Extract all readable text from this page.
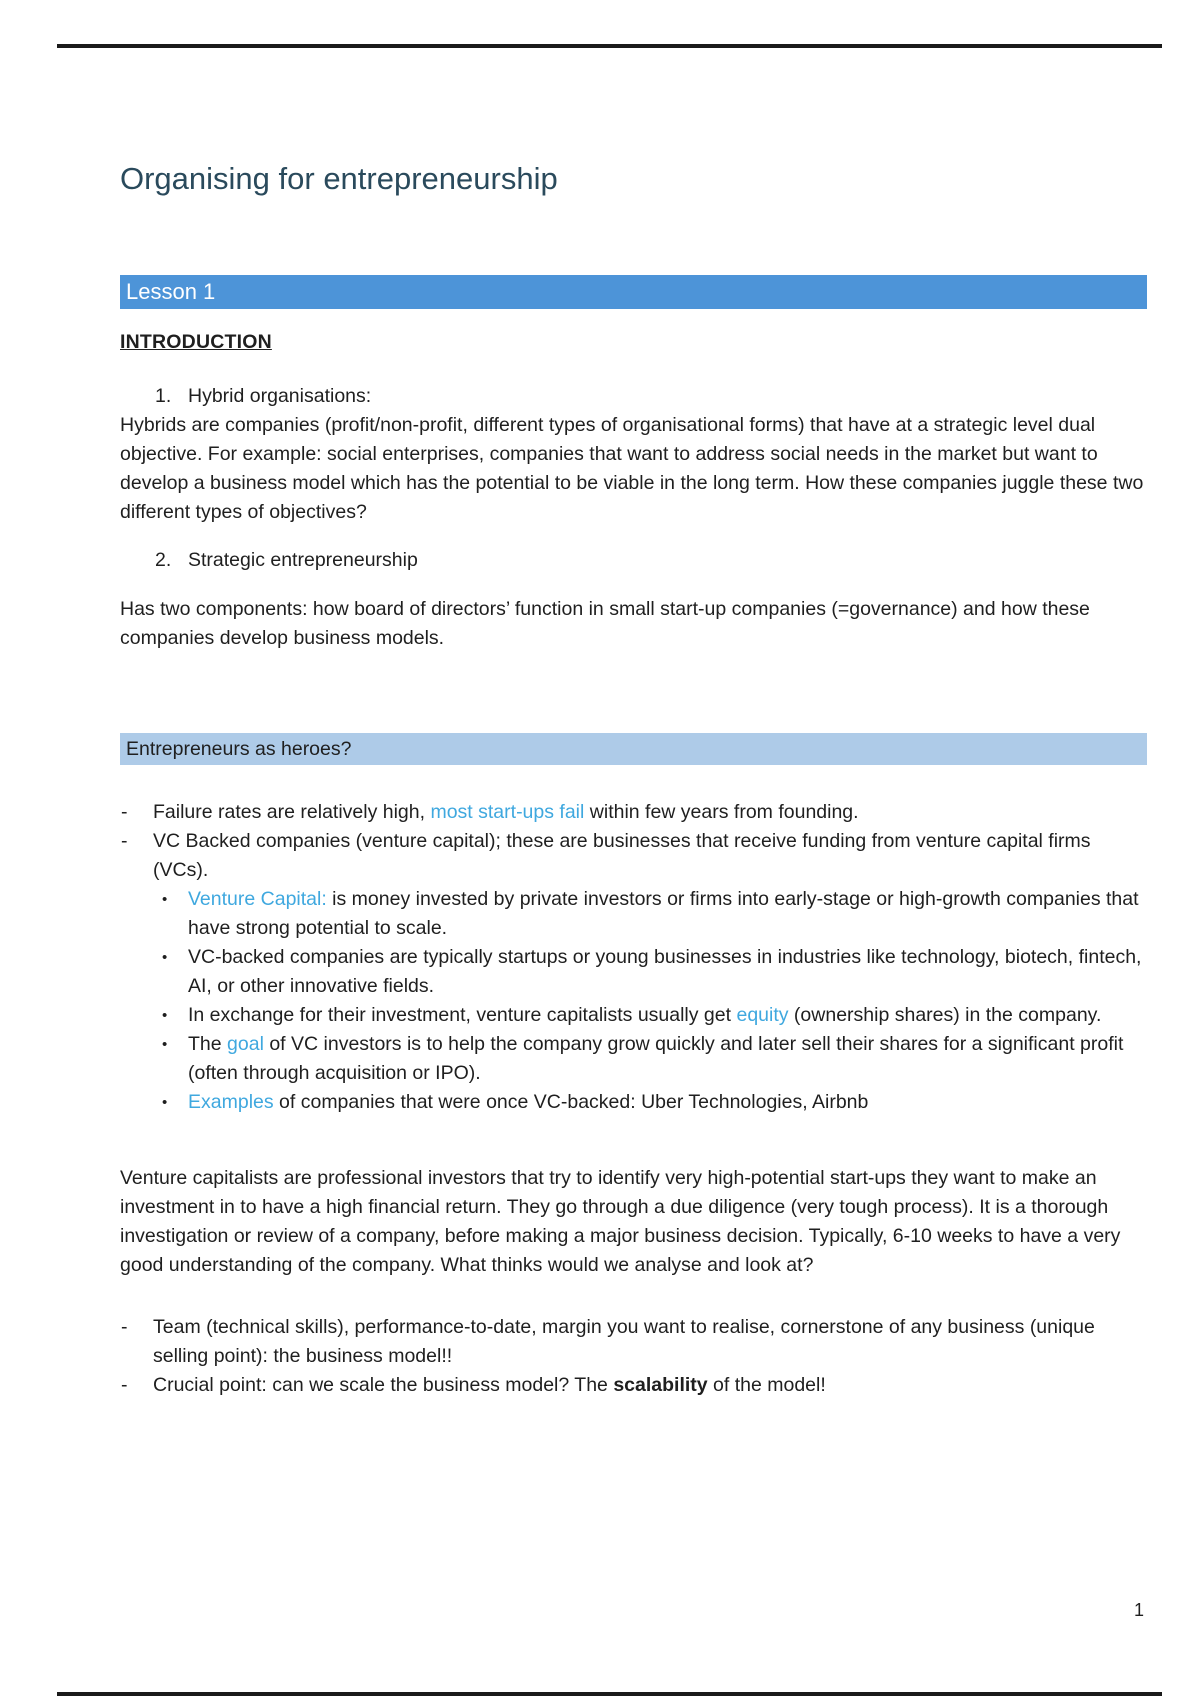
Organising for entrepreneurship
Lesson 1
INTRODUCTION
1. Hybrid organisations:

Hybrids are companies (profit/non-profit, different types of organisational forms) that have at a strategic level dual objective. For example: social enterprises, companies that want to address social needs in the market but want to develop a business model which has the potential to be viable in the long term. How these companies juggle these two different types of objectives?

2. Strategic entrepreneurship

Has two components: how board of directors’ function in small start-up companies (=governance) and how these companies develop business models.

Entrepreneurs as heroes?
- Failure rates are relatively high, most start-ups fail within few years from founding.
- VC Backed companies (venture capital); these are businesses that receive funding from venture capital firms (VCs).
• Venture Capital: is money invested by private investors or firms into early-stage or high-growth companies that have strong potential to scale.
• VC-backed companies are typically startups or young businesses in industries like technology, biotech, fintech, AI, or other innovative fields.
• In exchange for their investment, venture capitalists usually get equity (ownership shares) in the company.
• The goal of VC investors is to help the company grow quickly and later sell their shares for a significant profit (often through acquisition or IPO).
• Examples of companies that were once VC-backed: Uber Technologies, Airbnb

Venture capitalists are professional investors that try to identify very high-potential start-ups they want to make an investment in to have a high financial return. They go through a due diligence (very tough process). It is a thorough investigation or review of a company, before making a major business decision. Typically, 6-10 weeks to have a very good understanding of the company. What thinks would we analyse and look at?

- Team (technical skills), performance-to-date, margin you want to realise, cornerstone of any business (unique selling point): the business model!!
- Crucial point: can we scale the business model? The scalability of the model!
1
